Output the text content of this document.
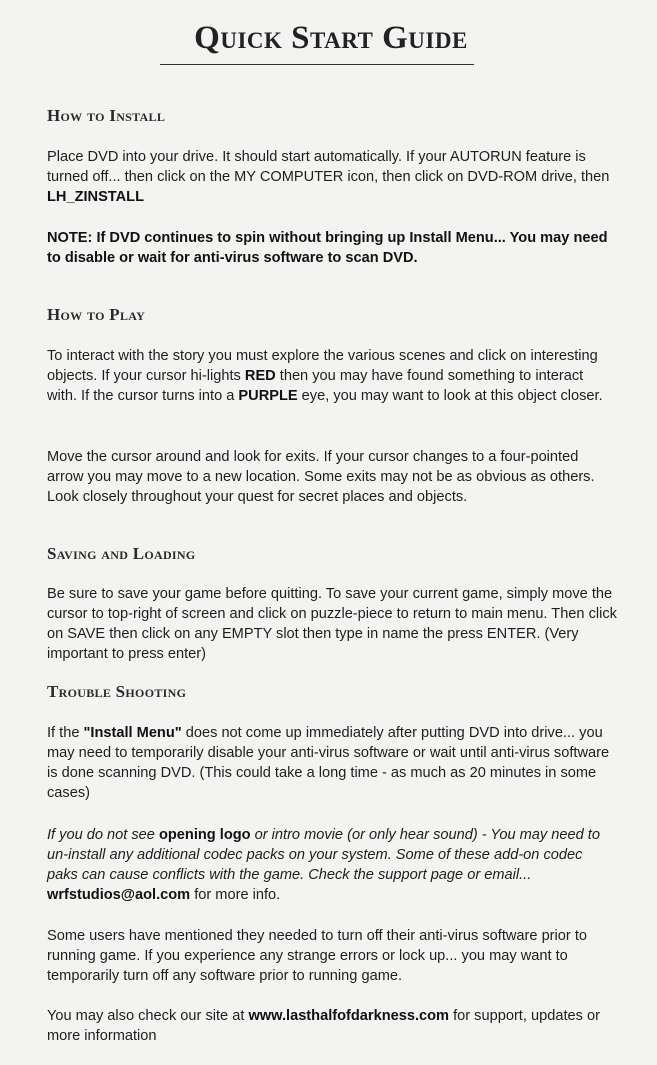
Quick Start Guide
How to Install

Place DVD into your drive. It should start automatically. If your AUTORUN feature is turned off... then click on the MY COMPUTER icon, then click on DVD-ROM drive, then LH_ZINSTALL

NOTE: If DVD continues to spin without bringing up Install Menu... You may need to disable or wait for anti-virus software to scan DVD.

How to Play

To interact with the story you must explore the various scenes and click on interesting objects. If your cursor hi-lights RED then you may have found something to interact with. If the cursor turns into a PURPLE eye, you may want to look at this object closer.

Move the cursor around and look for exits. If your cursor changes to a four-pointed arrow you may move to a new location. Some exits may not be as obvious as others. Look closely throughout your quest for secret places and objects.

Saving and Loading

Be sure to save your game before quitting. To save your current game, simply move the cursor to top-right of screen and click on puzzle-piece to return to main menu. Then click on SAVE then click on any EMPTY slot then type in name the press ENTER. (Very important to press enter)

Trouble Shooting

If the "Install Menu" does not come up immediately after putting DVD into drive... you may need to temporarily disable your anti-virus software or wait until anti-virus software is done scanning DVD. (This could take a long time - as much as 20 minutes in some cases)

If you do not see opening logo or intro movie (or only hear sound) - You may need to un-install any additional codec packs on your system. Some of these add-on codec paks can cause conflicts with the game. Check the support page or email... wrfstudios@aol.com for more info.

Some users have mentioned they needed to turn off their anti-virus software prior to running game. If you experience any strange errors or lock up... you may want to temporarily turn off any software prior to running game.

You may also check our site at www.lasthalfofdarkness.com for support, updates or more information
